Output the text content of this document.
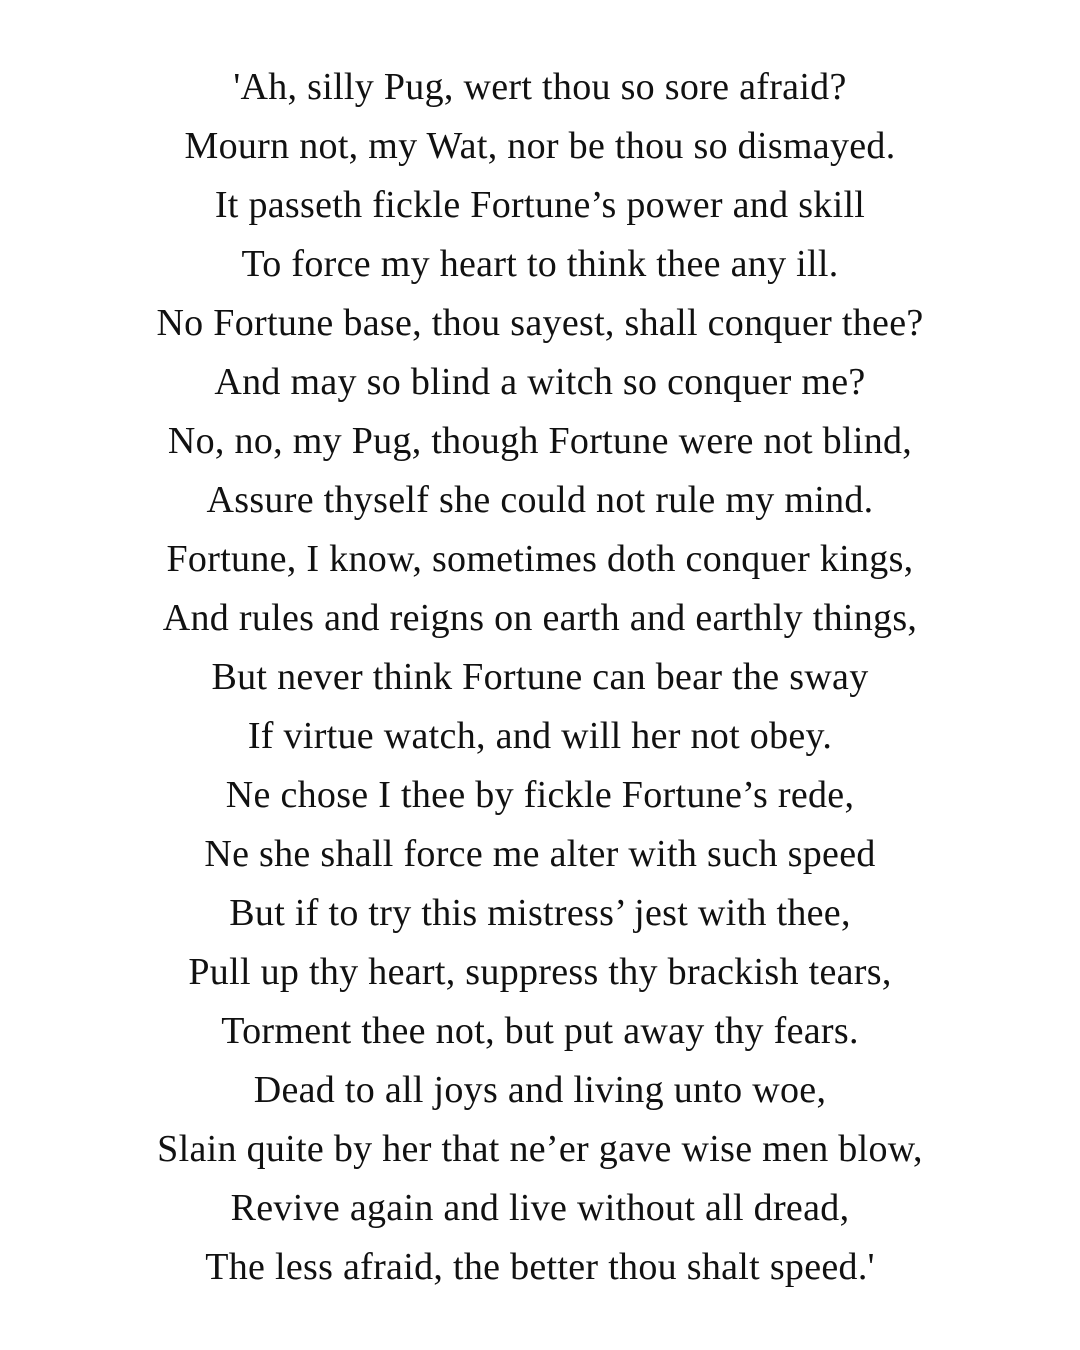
'Ah, silly Pug, wert thou so sore afraid?
Mourn not, my Wat, nor be thou so dismayed.
It passeth fickle Fortune’s power and skill
To force my heart to think thee any ill.
No Fortune base, thou sayest, shall conquer thee?
And may so blind a witch so conquer me?
No, no, my Pug, though Fortune were not blind,
Assure thyself she could not rule my mind.
Fortune, I know, sometimes doth conquer kings,
And rules and reigns on earth and earthly things,
But never think Fortune can bear the sway
If virtue watch, and will her not obey.
Ne chose I thee by fickle Fortune’s rede,
Ne she shall force me alter with such speed
But if to try this mistress’ jest with thee,
Pull up thy heart, suppress thy brackish tears,
Torment thee not, but put away thy fears.
Dead to all joys and living unto woe,
Slain quite by her that ne’er gave wise men blow,
Revive again and live without all dread,
The less afraid, the better thou shalt speed.'
